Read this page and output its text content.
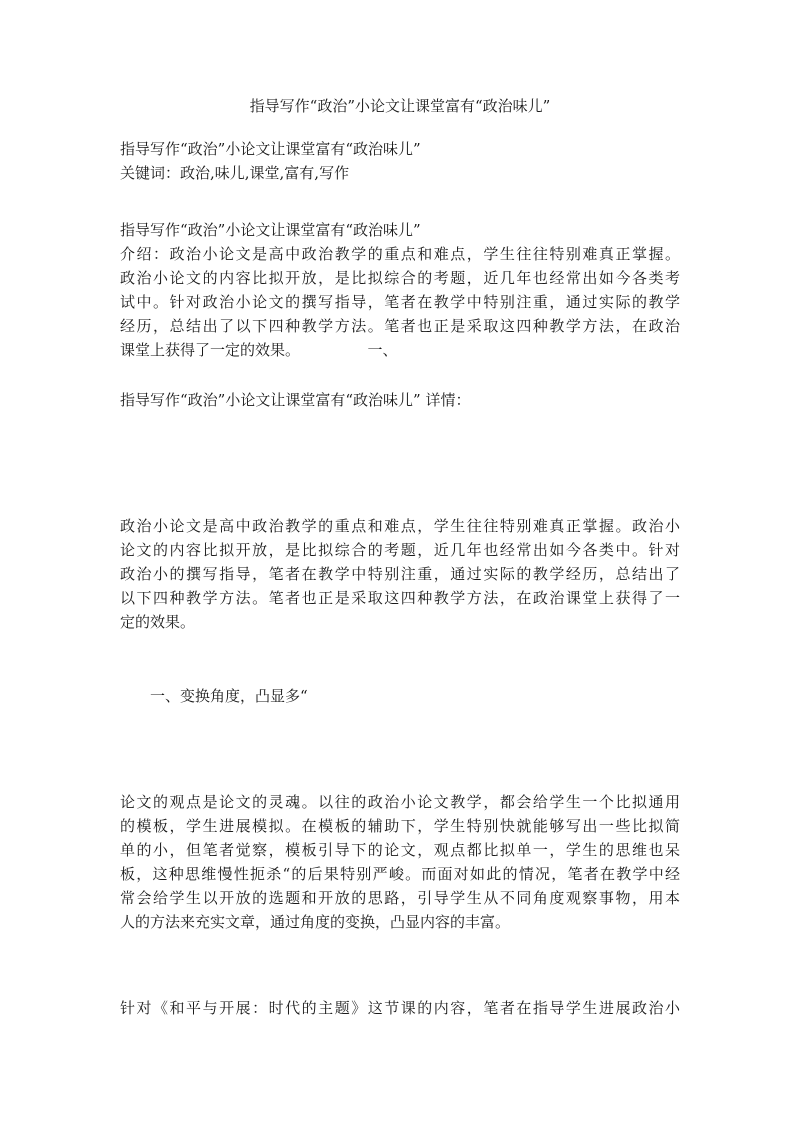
指导写作“政治”小论文让课堂富有“政治味儿”

指导写作“政治”小论文让课堂富有“政治味儿”

关键词：政治,味儿,课堂,富有,写作

指导写作“政治”小论文让课堂富有“政治味儿”

介绍：政治小论文是高中政治教学的重点和难点，学生往往特别难真正掌握。
政治小论文的内容比拟开放，是比拟综合的考题，近几年也经常出如今各类考
试中。针对政治小论文的撰写指导，笔者在教学中特别注重，通过实际的教学
经历，总结出了以下四种教学方法。笔者也正是采取这四种教学方法，在政治
课堂上获得了一定的效果。　　　　　一、

指导写作“政治”小论文让课堂富有“政治味儿” 详情：

政治小论文是高中政治教学的重点和难点，学生往往特别难真正掌握。政治小
论文的内容比拟开放，是比拟综合的考题，近几年也经常出如今各类中。针对
政治小的撰写指导，笔者在教学中特别注重，通过实际的教学经历，总结出了
以下四种教学方法。笔者也正是采取这四种教学方法，在政治课堂上获得了一
定的效果。

一、变换角度，凸显多“

论文的观点是论文的灵魂。以往的政治小论文教学，都会给学生一个比拟通用
的模板，学生进展模拟。在模板的辅助下，学生特别快就能够写出一些比拟简
单的小，但笔者觉察，模板引导下的论文，观点都比拟单一，学生的思维也呆
板，这种思维慢性扼杀“的后果特别严峻。而面对如此的情况，笔者在教学中经
常会给学生以开放的选题和开放的思路，引导学生从不同角度观察事物，用本
人的方法来充实文章，通过角度的变换，凸显内容的丰富。
针对《和平与开展：时代的主题》这节课的内容，笔者在指导学生进展政治小
